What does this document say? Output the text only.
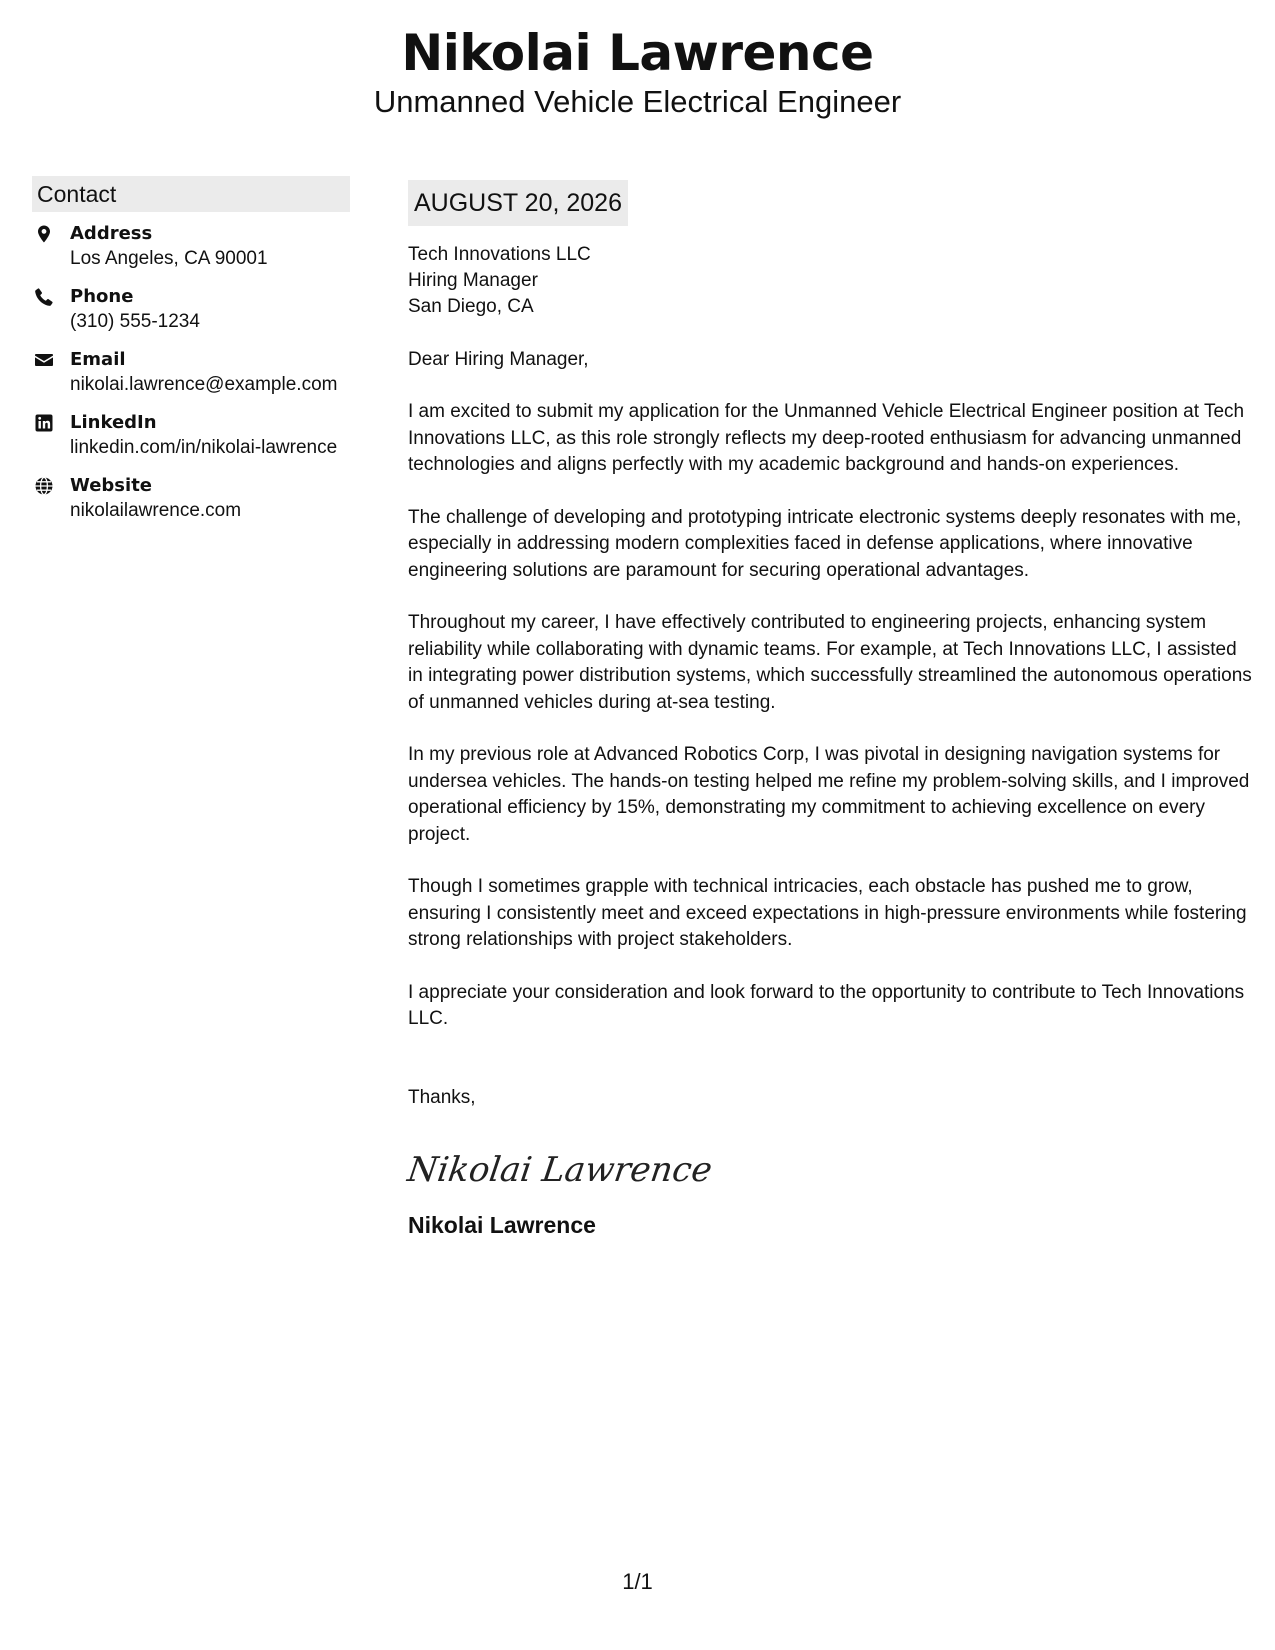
Nikolai Lawrence
Unmanned Vehicle Electrical Engineer
Contact
Address
Los Angeles, CA 90001
Phone
(310) 555-1234
Email
nikolai.lawrence@example.com
LinkedIn
linkedin.com/in/nikolai-lawrence
Website
nikolailawrence.com
AUGUST 20, 2026
Tech Innovations LLC
Hiring Manager
San Diego, CA
Dear Hiring Manager,
I am excited to submit my application for the Unmanned Vehicle Electrical Engineer position at Tech Innovations LLC, as this role strongly reflects my deep-rooted enthusiasm for advancing unmanned technologies and aligns perfectly with my academic background and hands-on experiences.
The challenge of developing and prototyping intricate electronic systems deeply resonates with me, especially in addressing modern complexities faced in defense applications, where innovative engineering solutions are paramount for securing operational advantages.
Throughout my career, I have effectively contributed to engineering projects, enhancing system reliability while collaborating with dynamic teams. For example, at Tech Innovations LLC, I assisted in integrating power distribution systems, which successfully streamlined the autonomous operations of unmanned vehicles during at-sea testing.
In my previous role at Advanced Robotics Corp, I was pivotal in designing navigation systems for undersea vehicles. The hands-on testing helped me refine my problem-solving skills, and I improved operational efficiency by 15%, demonstrating my commitment to achieving excellence on every project.
Though I sometimes grapple with technical intricacies, each obstacle has pushed me to grow, ensuring I consistently meet and exceed expectations in high-pressure environments while fostering strong relationships with project stakeholders.
I appreciate your consideration and look forward to the opportunity to contribute to Tech Innovations LLC.
Thanks,
Nikolai Lawrence
Nikolai Lawrence
1/1
